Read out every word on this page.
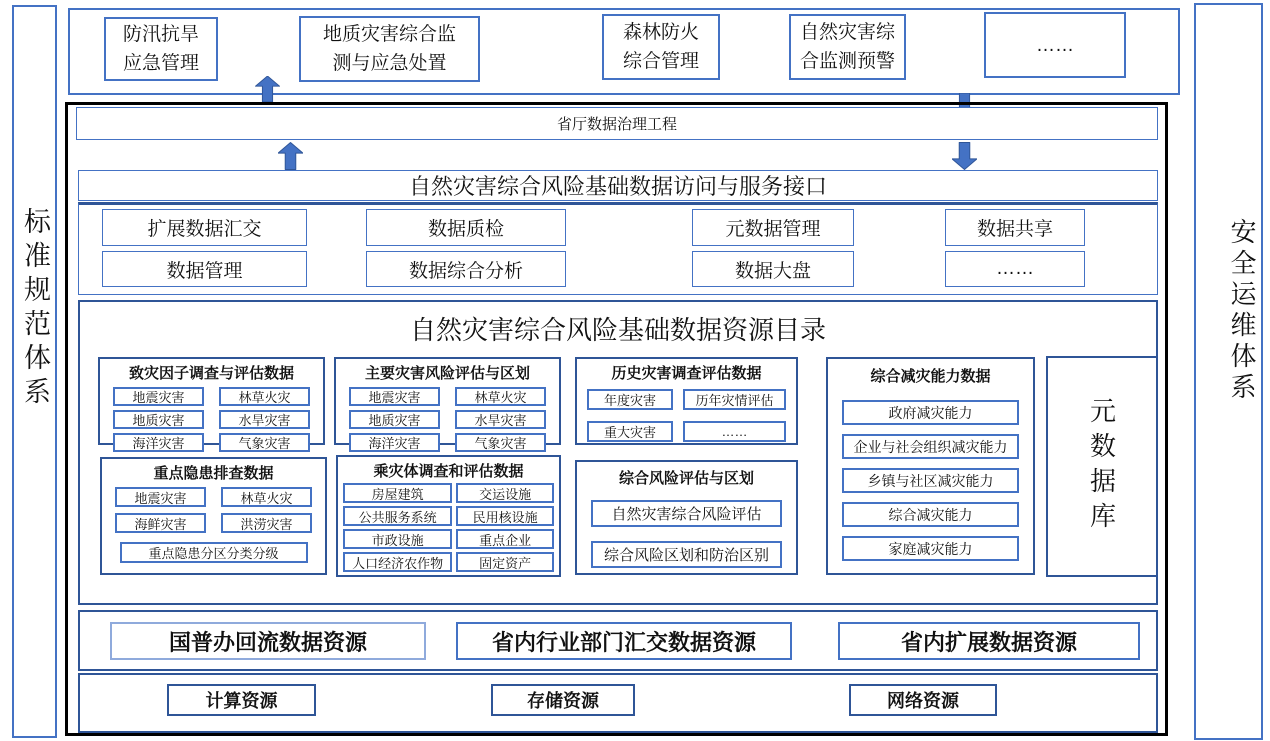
标准规范体系	安全运维体系
防汛抗旱
应急管理
地质灾害综合监
测与应急处置
森林防火
综合管理
自然灾害综
合监测预警
……
省厅数据治理工程
自然灾害综合风险基础数据访问与服务接口
扩展数据汇交	数据质检	元数据管理	数据共享
数据管理	数据综合分析	数据大盘	……
自然灾害综合风险基础数据资源目录
致灾因子调查与评估数据
地震灾害	林草火灾
地质灾害	水旱灾害
海洋灾害	气象灾害
主要灾害风险评估与区划
地震灾害	林草火灾
地质灾害	水旱灾害
海洋灾害	气象灾害
历史灾害调查评估数据
年度灾害	历年灾情评估
重大灾害	……
综合减灾能力数据
政府减灾能力
企业与社会组织减灾能力
乡镇与社区减灾能力
综合减灾能力
家庭减灾能力
元数据库
重点隐患排查数据
地震灾害	林草火灾
海鲜灾害	洪涝灾害
重点隐患分区分类分级
乘灾体调查和评估数据
房屋建筑	交运设施
公共服务系统	民用核设施
市政设施	重点企业
人口经济农作物	固定资产
综合风险评估与区划
自然灾害综合风险评估
综合风险区划和防治区别
国普办回流数据资源	省内行业部门汇交数据资源	省内扩展数据资源
计算资源	存储资源	网络资源
